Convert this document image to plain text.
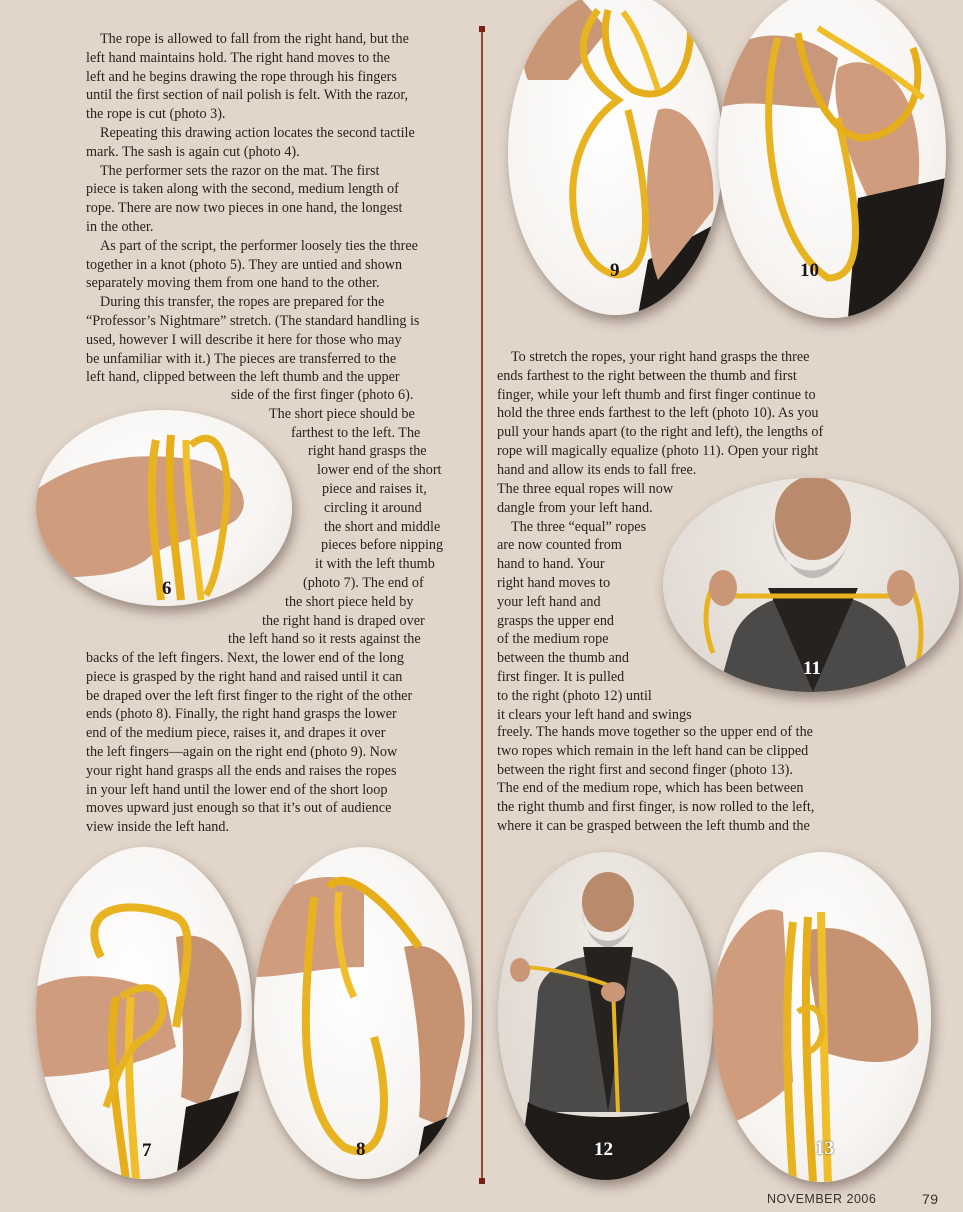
The rope is allowed to fall from the right hand, but the
left hand maintains hold. The right hand moves to the
left and he begins drawing the rope through his fingers
until the first section of nail polish is felt. With the razor,
the rope is cut (photo 3).

Repeating this drawing action locates the second tactile
mark. The sash is again cut (photo 4).

The performer sets the razor on the mat. The first
piece is taken along with the second, medium length of
rope. There are now two pieces in one hand, the longest
in the other.

As part of the script, the performer loosely ties the three
together in a knot (photo 5). They are untied and shown
separately moving them from one hand to the other.

During this transfer, the ropes are prepared for the
“Professor’s Nightmare” stretch. (The standard handling is
used, however I will describe it here for those who may
be unfamiliar with it.) The pieces are transferred to the
left hand, clipped between the left thumb and the upper

side of the first finger (photo 6).
The short piece should be
farthest to the left. The
right hand grasps the
lower end of the short
piece and raises it,
circling it around
the short and middle
pieces before nipping
it with the left thumb
(photo 7). The end of
the short piece held by
the right hand is draped over
the left hand so it rests against the
backs of the left fingers. Next, the lower end of the long
piece is grasped by the right hand and raised until it can
be draped over the left first finger to the right of the other
ends (photo 8). Finally, the right hand grasps the lower
end of the medium piece, raises it, and drapes it over
the left fingers—again on the right end (photo 9). Now
your right hand grasps all the ends and raises the ropes
in your left hand until the lower end of the short loop
moves upward just enough so that it’s out of audience
view inside the left hand.
To stretch the ropes, your right hand grasps the three
ends farthest to the right between the thumb and first
finger, while your left thumb and first finger continue to
hold the three ends farthest to the left (photo 10). As you
pull your hands apart (to the right and left), the lengths of
rope will magically equalize (photo 11). Open your right
hand and allow its ends to fall free.
The three equal ropes will now
dangle from your left hand.
The three “equal” ropes
are now counted from
hand to hand. Your
right hand moves to
your left hand and
grasps the upper end
of the medium rope
between the thumb and
first finger. It is pulled
to the right (photo 12) until
it clears your left hand and swings
freely. The hands move together so the upper end of the
two ropes which remain in the left hand can be clipped
between the right first and second finger (photo 13).
The end of the medium rope, which has been between
the right thumb and first finger, is now rolled to the left,
where it can be grasped between the left thumb and the
9	10
6
11
7	8	12	13
NOVEMBER 2006	79
